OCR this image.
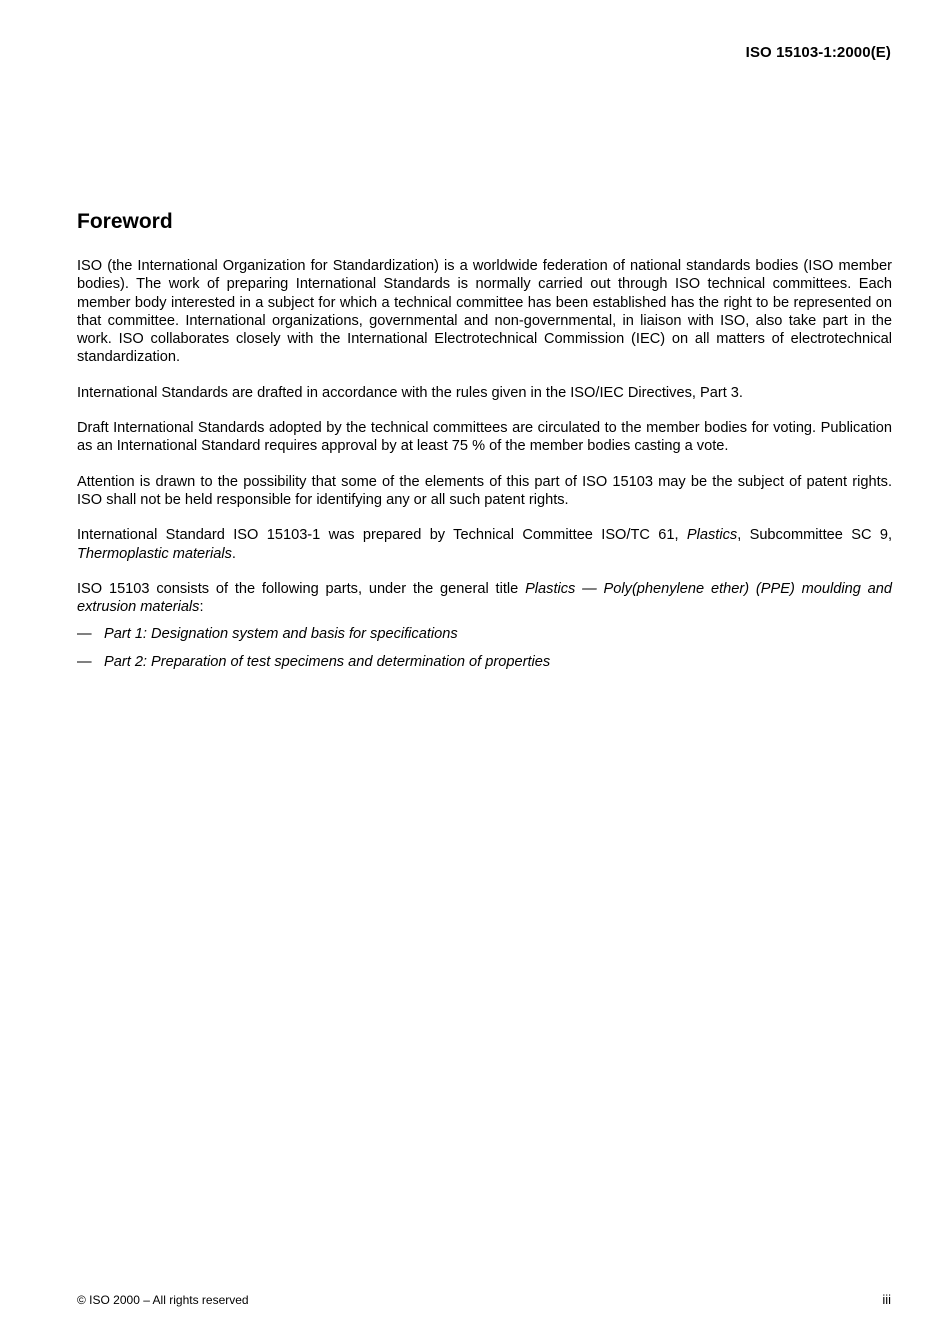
ISO 15103-1:2000(E)
Foreword

ISO (the International Organization for Standardization) is a worldwide federation of national standards bodies (ISO member bodies). The work of preparing International Standards is normally carried out through ISO technical committees. Each member body interested in a subject for which a technical committee has been established has the right to be represented on that committee. International organizations, governmental and non-governmental, in liaison with ISO, also take part in the work. ISO collaborates closely with the International Electrotechnical Commission (IEC) on all matters of electrotechnical standardization.

International Standards are drafted in accordance with the rules given in the ISO/IEC Directives, Part 3.

Draft International Standards adopted by the technical committees are circulated to the member bodies for voting. Publication as an International Standard requires approval by at least 75 % of the member bodies casting a vote.

Attention is drawn to the possibility that some of the elements of this part of ISO 15103 may be the subject of patent rights. ISO shall not be held responsible for identifying any or all such patent rights.

International Standard ISO 15103-1 was prepared by Technical Committee ISO/TC 61, Plastics, Subcommittee SC 9, Thermoplastic materials.

ISO 15103 consists of the following parts, under the general title Plastics — Poly(phenylene ether) (PPE) moulding and extrusion materials:

— Part 1: Designation system and basis for specifications
— Part 2: Preparation of test specimens and determination of properties
© ISO 2000 – All rights reserved	iii
